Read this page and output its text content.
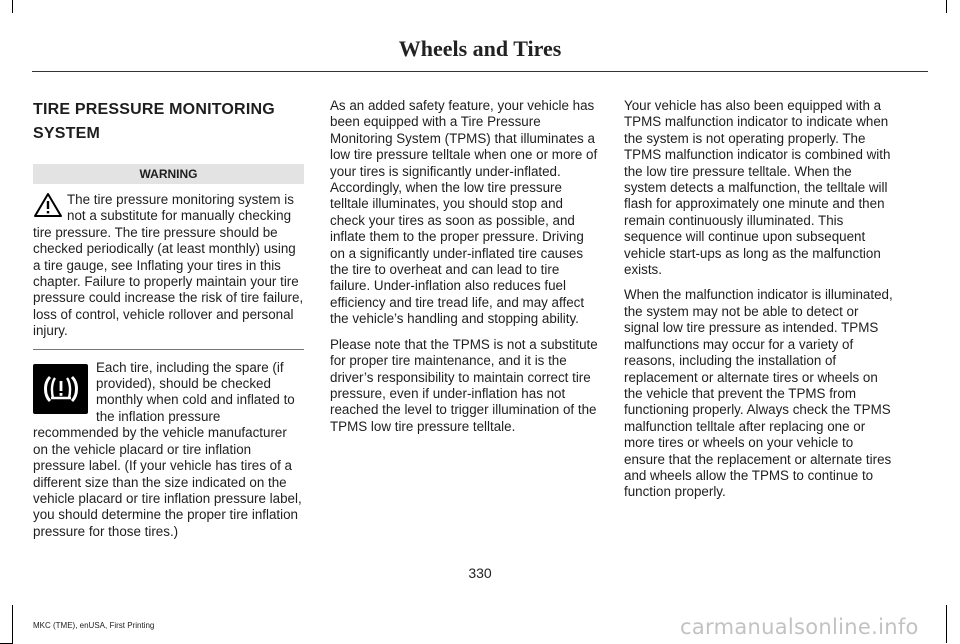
Wheels and Tires
TIRE PRESSURE MONITORING
SYSTEM
WARNING

The tire pressure monitoring system is not a substitute for manually checking tire pressure. The tire pressure should be checked periodically (at least monthly) using a tire gauge, see Inflating your tires in this chapter. Failure to properly maintain your tire pressure could increase the risk of tire failure, loss of control, vehicle rollover and personal injury.

Each tire, including the spare (if provided), should be checked monthly when cold and inflated to the inflation pressure recommended by the vehicle manufacturer on the vehicle placard or tire inflation pressure label. (If your vehicle has tires of a different size than the size indicated on the vehicle placard or tire inflation pressure label, you should determine the proper tire inflation pressure for those tires.)

As an added safety feature, your vehicle has been equipped with a Tire Pressure Monitoring System (TPMS) that illuminates a low tire pressure telltale when one or more of your tires is significantly under-inflated. Accordingly, when the low tire pressure telltale illuminates, you should stop and check your tires as soon as possible, and inflate them to the proper pressure. Driving on a significantly under-inflated tire causes the tire to overheat and can lead to tire failure. Under-inflation also reduces fuel efficiency and tire tread life, and may affect the vehicle’s handling and stopping ability.

Please note that the TPMS is not a substitute for proper tire maintenance, and it is the driver’s responsibility to maintain correct tire pressure, even if under-inflation has not reached the level to trigger illumination of the TPMS low tire pressure telltale.

Your vehicle has also been equipped with a TPMS malfunction indicator to indicate when the system is not operating properly. The TPMS malfunction indicator is combined with the low tire pressure telltale. When the system detects a malfunction, the telltale will flash for approximately one minute and then remain continuously illuminated. This sequence will continue upon subsequent vehicle start-ups as long as the malfunction exists.

When the malfunction indicator is illuminated, the system may not be able to detect or signal low tire pressure as intended. TPMS malfunctions may occur for a variety of reasons, including the installation of replacement or alternate tires or wheels on the vehicle that prevent the TPMS from functioning properly. Always check the TPMS malfunction telltale after replacing one or more tires or wheels on your vehicle to ensure that the replacement or alternate tires and wheels allow the TPMS to continue to function properly.

330
MKC (TME), enUSA, First Printing	carmanualsonline.info
